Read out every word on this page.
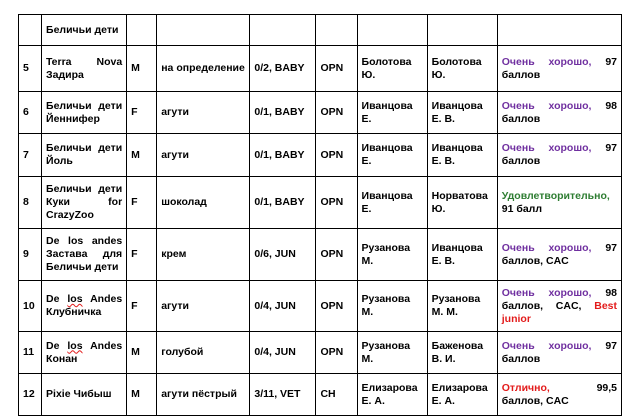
	Беличьи дети							
5	Terra Nova Задира	M	на определение	0/2, BABY	OPN	Болотова Ю.	Болотова Ю.	Очень хорошо, 97 баллов
6	Беличьи дети Йеннифер	F	агути	0/1, BABY	OPN	Иванцова Е.	Иванцова Е. В.	Очень хорошо, 98 баллов
7	Беличьи дети Йоль	M	агути	0/1, BABY	OPN	Иванцова Е.	Иванцова Е. В.	Очень хорошо, 97 баллов
8	Беличьи дети Куки for CrazyZoo	F	шоколад	0/1, BABY	OPN	Иванцова Е.	Норватова Ю.	Удовлетворительно, 91 балл
9	De los andes Застава для Беличьи дети	F	крем	0/6, JUN	OPN	Рузанова М.	Иванцова Е. В.	Очень хорошо, 97 баллов, CAC
10	De los Andes Клубничка	F	агути	0/4, JUN	OPN	Рузанова М.	Рузанова М. М.	Очень хорошо, 98 баллов, CAC, Best junior
11	De los Andes Конан	M	голубой	0/4, JUN	OPN	Рузанова М.	Баженова В. И.	Очень хорошо, 97 баллов
12	Pixie Чибыш	M	агути пёстрый	3/11, VET	CH	Елизарова Е. А.	Елизарова Е. А.	Отлично, 99,5 баллов, CAC
